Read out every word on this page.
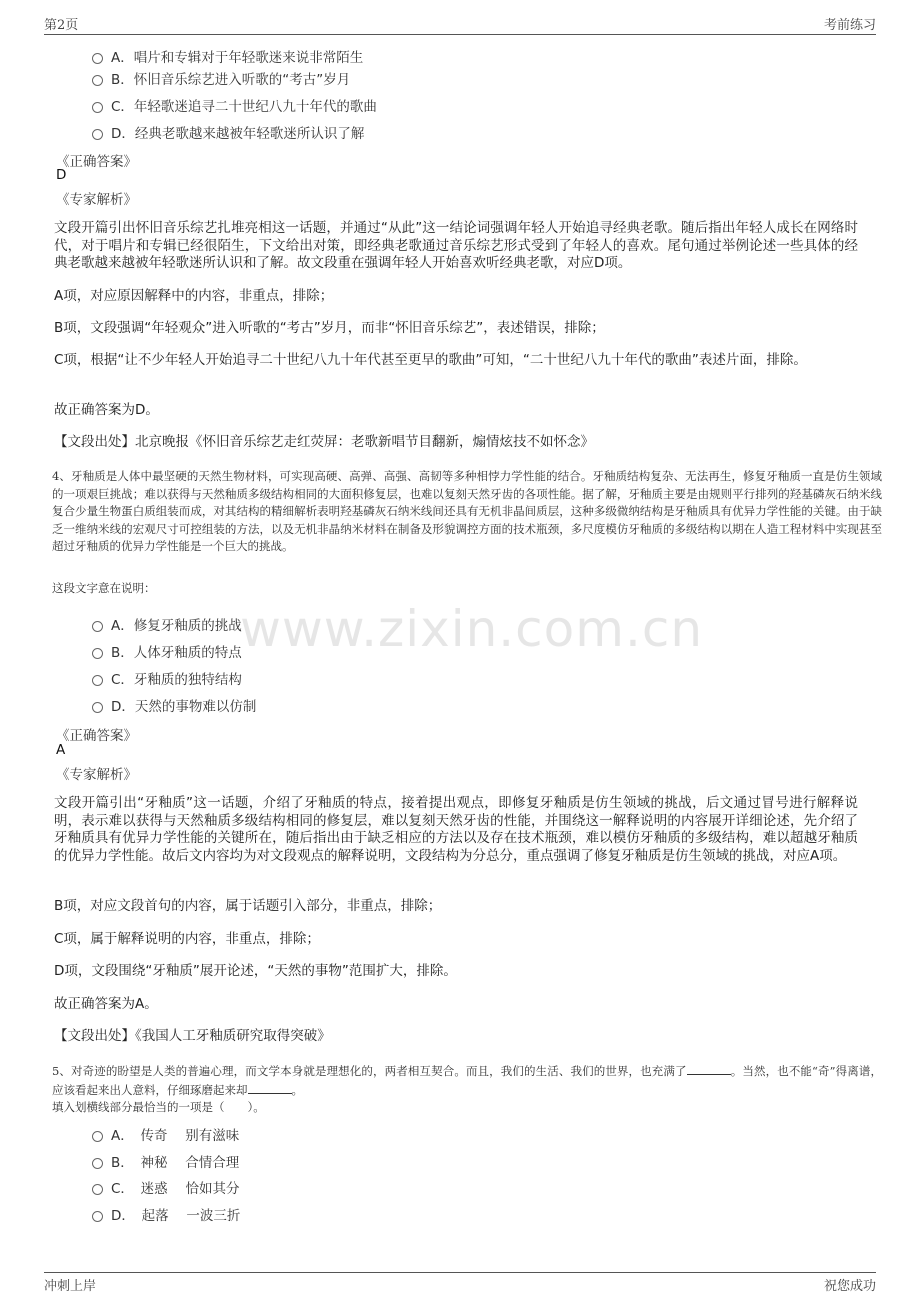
第2页	考前练习
www.zixin.com.cn
A．唱片和专辑对于年轻歌迷来说非常陌生
B．怀旧音乐综艺进入听歌的“考古”岁月
C．年轻歌迷追寻二十世纪八九十年代的歌曲
D．经典老歌越来越被年轻歌迷所认识了解
《正确答案》
D
《专家解析》
文段开篇引出怀旧音乐综艺扎堆亮相这一话题，并通过“从此”这一结论词强调年轻人开始追寻经典老歌。随后指出年轻人成长在网络时代，对于唱片和专辑已经很陌生，下文给出对策，即经典老歌通过音乐综艺形式受到了年轻人的喜欢。尾句通过举例论述一些具体的经典老歌越来越被年轻歌迷所认识和了解。故文段重在强调年轻人开始喜欢听经典老歌，对应D项。
A项，对应原因解释中的内容，非重点，排除；
B项，文段强调“年轻观众”进入听歌的“考古”岁月，而非“怀旧音乐综艺”，表述错误，排除；
C项，根据“让不少年轻人开始追寻二十世纪八九十年代甚至更早的歌曲”可知，“二十世纪八九十年代的歌曲”表述片面，排除。
故正确答案为D。
【文段出处】北京晚报《怀旧音乐综艺走红荧屏：老歌新唱节目翻新，煽情炫技不如怀念》
4、牙釉质是人体中最坚硬的天然生物材料，可实现高硬、高弹、高强、高韧等多种相悖力学性能的结合。牙釉质结构复杂、无法再生，修复牙釉质一直是仿生领域的一项艰巨挑战；难以获得与天然釉质多级结构相同的大面积修复层，也难以复刻天然牙齿的各项性能。据了解，牙釉质主要是由规则平行排列的羟基磷灰石纳米线复合少量生物蛋白质组装而成，对其结构的精细解析表明羟基磷灰石纳米线间还具有无机非晶间质层，这种多级微纳结构是牙釉质具有优异力学性能的关键。由于缺乏一维纳米线的宏观尺寸可控组装的方法，以及无机非晶纳米材料在制备及形貌调控方面的技术瓶颈，多尺度模仿牙釉质的多级结构以期在人造工程材料中实现甚至超过牙釉质的优异力学性能是一个巨大的挑战。
这段文字意在说明：
A．修复牙釉质的挑战
B．人体牙釉质的特点
C．牙釉质的独特结构
D．天然的事物难以仿制
《正确答案》
A
《专家解析》
文段开篇引出“牙釉质”这一话题，介绍了牙釉质的特点，接着提出观点，即修复牙釉质是仿生领域的挑战，后文通过冒号进行解释说明，表示难以获得与天然釉质多级结构相同的修复层，难以复刻天然牙齿的性能，并围绕这一解释说明的内容展开详细论述，先介绍了牙釉质具有优异力学性能的关键所在，随后指出由于缺乏相应的方法以及存在技术瓶颈，难以模仿牙釉质的多级结构，难以超越牙釉质的优异力学性能。故后文内容均为对文段观点的解释说明，文段结构为分总分，重点强调了修复牙釉质是仿生领域的挑战，对应A项。
B项，对应文段首句的内容，属于话题引入部分，非重点，排除；
C项，属于解释说明的内容，非重点，排除；
D项，文段围绕“牙釉质”展开论述，“天然的事物”范围扩大，排除。
故正确答案为A。
【文段出处】《我国人工牙釉质研究取得突破》
5、对奇迹的盼望是人类的普遍心理，而文学本身就是理想化的，两者相互契合。而且，我们的生活、我们的世界，也充满了	。当然，也不能“奇”得离谱，应该看起来出人意料，仔细琢磨起来却	。
填入划横线部分最恰当的一项是（　　）。
A．　传奇　 别有滋味
B．　神秘　 合情合理
C．　迷惑　 恰如其分
D．　起落　 一波三折
冲刺上岸	祝您成功
